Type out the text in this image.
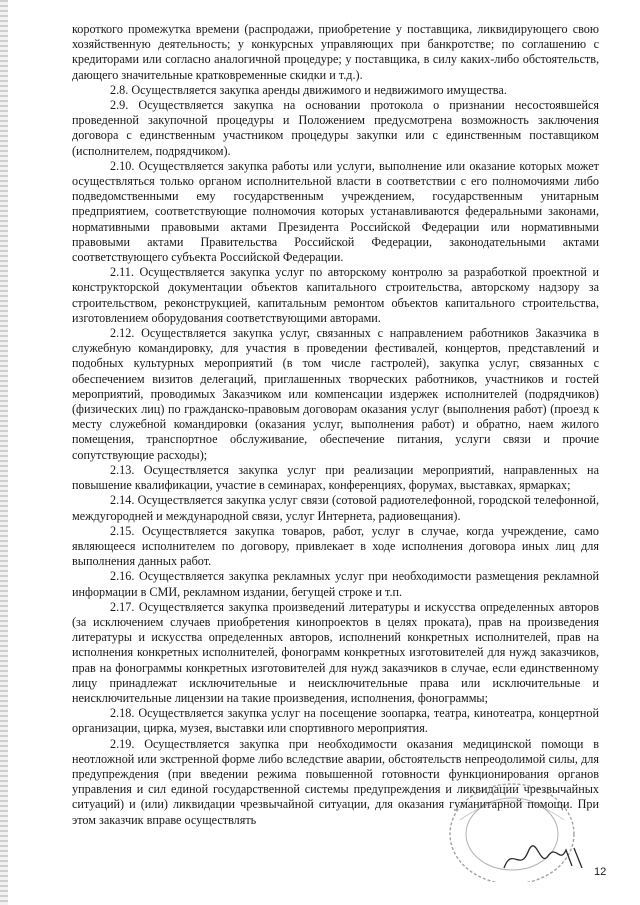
короткого промежутка времени (распродажи, приобретение у поставщика, ликвидирующего свою хозяйственную деятельность; у конкурсных управляющих при банкротстве; по соглашению с кредиторами или согласно аналогичной процедуре; у поставщика, в силу каких-либо обстоятельств, дающего значительные кратковременные скидки и т.д.).

2.8. Осуществляется закупка аренды движимого и недвижимого имущества.

2.9. Осуществляется закупка на основании протокола о признании несостоявшейся проведенной закупочной процедуры и Положением предусмотрена возможность заключения договора с единственным участником процедуры закупки или с единственным поставщиком (исполнителем, подрядчиком).

2.10. Осуществляется закупка работы или услуги, выполнение или оказание которых может осуществляться только органом исполнительной власти в соответствии с его полномочиями либо подведомственными ему государственным учреждением, государственным унитарным предприятием, соответствующие полномочия которых устанавливаются федеральными законами, нормативными правовыми актами Президента Российской Федерации или нормативными правовыми актами Правительства Российской Федерации, законодательными актами соответствующего субъекта Российской Федерации.

2.11. Осуществляется закупка услуг по авторскому контролю за разработкой проектной и конструкторской документации объектов капитального строительства, авторскому надзору за строительством, реконструкцией, капитальным ремонтом объектов капитального строительства, изготовлением оборудования соответствующими авторами.

2.12. Осуществляется закупка услуг, связанных с направлением работников Заказчика в служебную командировку, для участия в проведении фестивалей, концертов, представлений и подобных культурных мероприятий (в том числе гастролей), закупка услуг, связанных с обеспечением визитов делегаций, приглашенных творческих работников, участников и гостей мероприятий, проводимых Заказчиком или компенсации издержек исполнителей (подрядчиков) (физических лиц) по гражданско-правовым договорам оказания услуг (выполнения работ) (проезд к месту служебной командировки (оказания услуг, выполнения работ) и обратно, наем жилого помещения, транспортное обслуживание, обеспечение питания, услуги связи и прочие сопутствующие расходы);

2.13. Осуществляется закупка услуг при реализации мероприятий, направленных на повышение квалификации, участие в семинарах, конференциях, форумах, выставках, ярмарках;

2.14. Осуществляется закупка услуг связи (сотовой радиотелефонной, городской телефонной, междугородней и международной связи, услуг Интернета, радиовещания).

2.15. Осуществляется закупка товаров, работ, услуг в случае, когда учреждение, само являющееся исполнителем по договору, привлекает в ходе исполнения договора иных лиц для выполнения данных работ.

2.16. Осуществляется закупка рекламных услуг при необходимости размещения рекламной информации в СМИ, рекламном издании, бегущей строке и т.п.

2.17. Осуществляется закупка произведений литературы и искусства определенных авторов (за исключением случаев приобретения кинопроектов в целях проката), прав на произведения литературы и искусства определенных авторов, исполнений конкретных исполнителей, прав на исполнения конкретных исполнителей, фонограмм конкретных изготовителей для нужд заказчиков, прав на фонограммы конкретных изготовителей для нужд заказчиков в случае, если единственному лицу принадлежат исключительные и неисключительные права или исключительные и неисключительные лицензии на такие произведения, исполнения, фонограммы;

2.18. Осуществляется закупка услуг на посещение зоопарка, театра, кинотеатра, концертной организации, цирка, музея, выставки или спортивного мероприятия.

2.19. Осуществляется закупка при необходимости оказания медицинской помощи в неотложной или экстренной форме либо вследствие аварии, обстоятельств непреодолимой силы, для предупреждения (при введении режима повышенной готовности функционирования органов управления и сил единой государственной системы предупреждения и ликвидации чрезвычайных ситуаций) и (или) ликвидации чрезвычайной ситуации, для оказания гуманитарной помощи. При этом заказчик вправе осуществлять

12
